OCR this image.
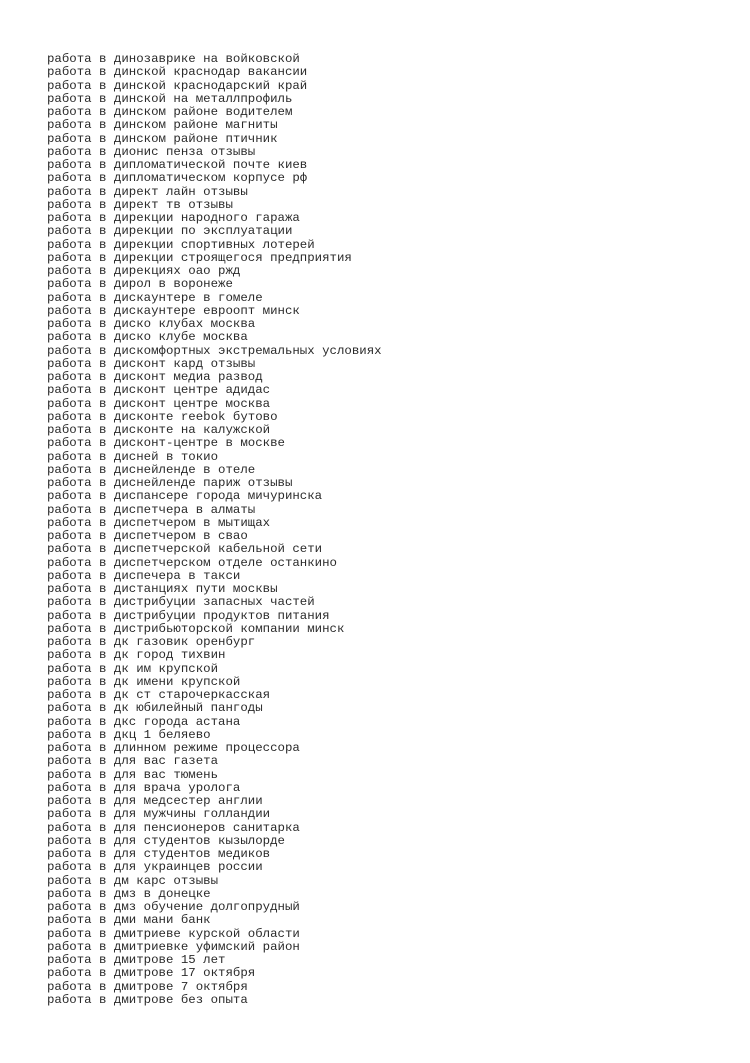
работа в динозаврике на войковской
работа в динской краснодар вакансии
работа в динской краснодарский край
работа в динской на металлпрофиль
работа в динском районе водителем
работа в динском районе магниты
работа в динском районе птичник
работа в дионис пенза отзывы
работа в дипломатической почте киев
работа в дипломатическом корпусе рф
работа в директ лайн отзывы
работа в директ тв отзывы
работа в дирекции народного гаража
работа в дирекции по эксплуатации
работа в дирекции спортивных лотерей
работа в дирекции строящегося предприятия
работа в дирекциях оао ржд
работа в дирол в воронеже
работа в дискаунтере в гомеле
работа в дискаунтере евроопт минск
работа в диско клубах москва
работа в диско клубе москва
работа в дискомфортных экстремальных условиях
работа в дисконт кард отзывы
работа в дисконт медиа развод
работа в дисконт центре адидас
работа в дисконт центре москва
работа в дисконте reebok бутово
работа в дисконте на калужской
работа в дисконт-центре в москве
работа в дисней в токио
работа в диснейленде в отеле
работа в диснейленде париж отзывы
работа в диспансере города мичуринска
работа в диспетчера в алматы
работа в диспетчером в мытищах
работа в диспетчером в свао
работа в диспетчерской кабельной сети
работа в диспетчерском отделе останкино
работа в диспечера в такси
работа в дистанциях пути москвы
работа в дистрибуции запасных частей
работа в дистрибуции продуктов питания
работа в дистрибьюторской компании минск
работа в дк газовик оренбург
работа в дк город тихвин
работа в дк им крупской
работа в дк имени крупской
работа в дк ст старочеркасская
работа в дк юбилейный пангоды
работа в дкс города астана
работа в дкц 1 беляево
работа в длинном режиме процессора
работа в для вас газета
работа в для вас тюмень
работа в для врача уролога
работа в для медсестер англии
работа в для мужчины голландии
работа в для пенсионеров санитарка
работа в для студентов кызылорде
работа в для студентов медиков
работа в для украинцев россии
работа в дм карс отзывы
работа в дмз в донецке
работа в дмз обучение долгопрудный
работа в дми мани банк
работа в дмитриеве курской области
работа в дмитриевке уфимский район
работа в дмитрове 15 лет
работа в дмитрове 17 октября
работа в дмитрове 7 октября
работа в дмитрове без опыта
